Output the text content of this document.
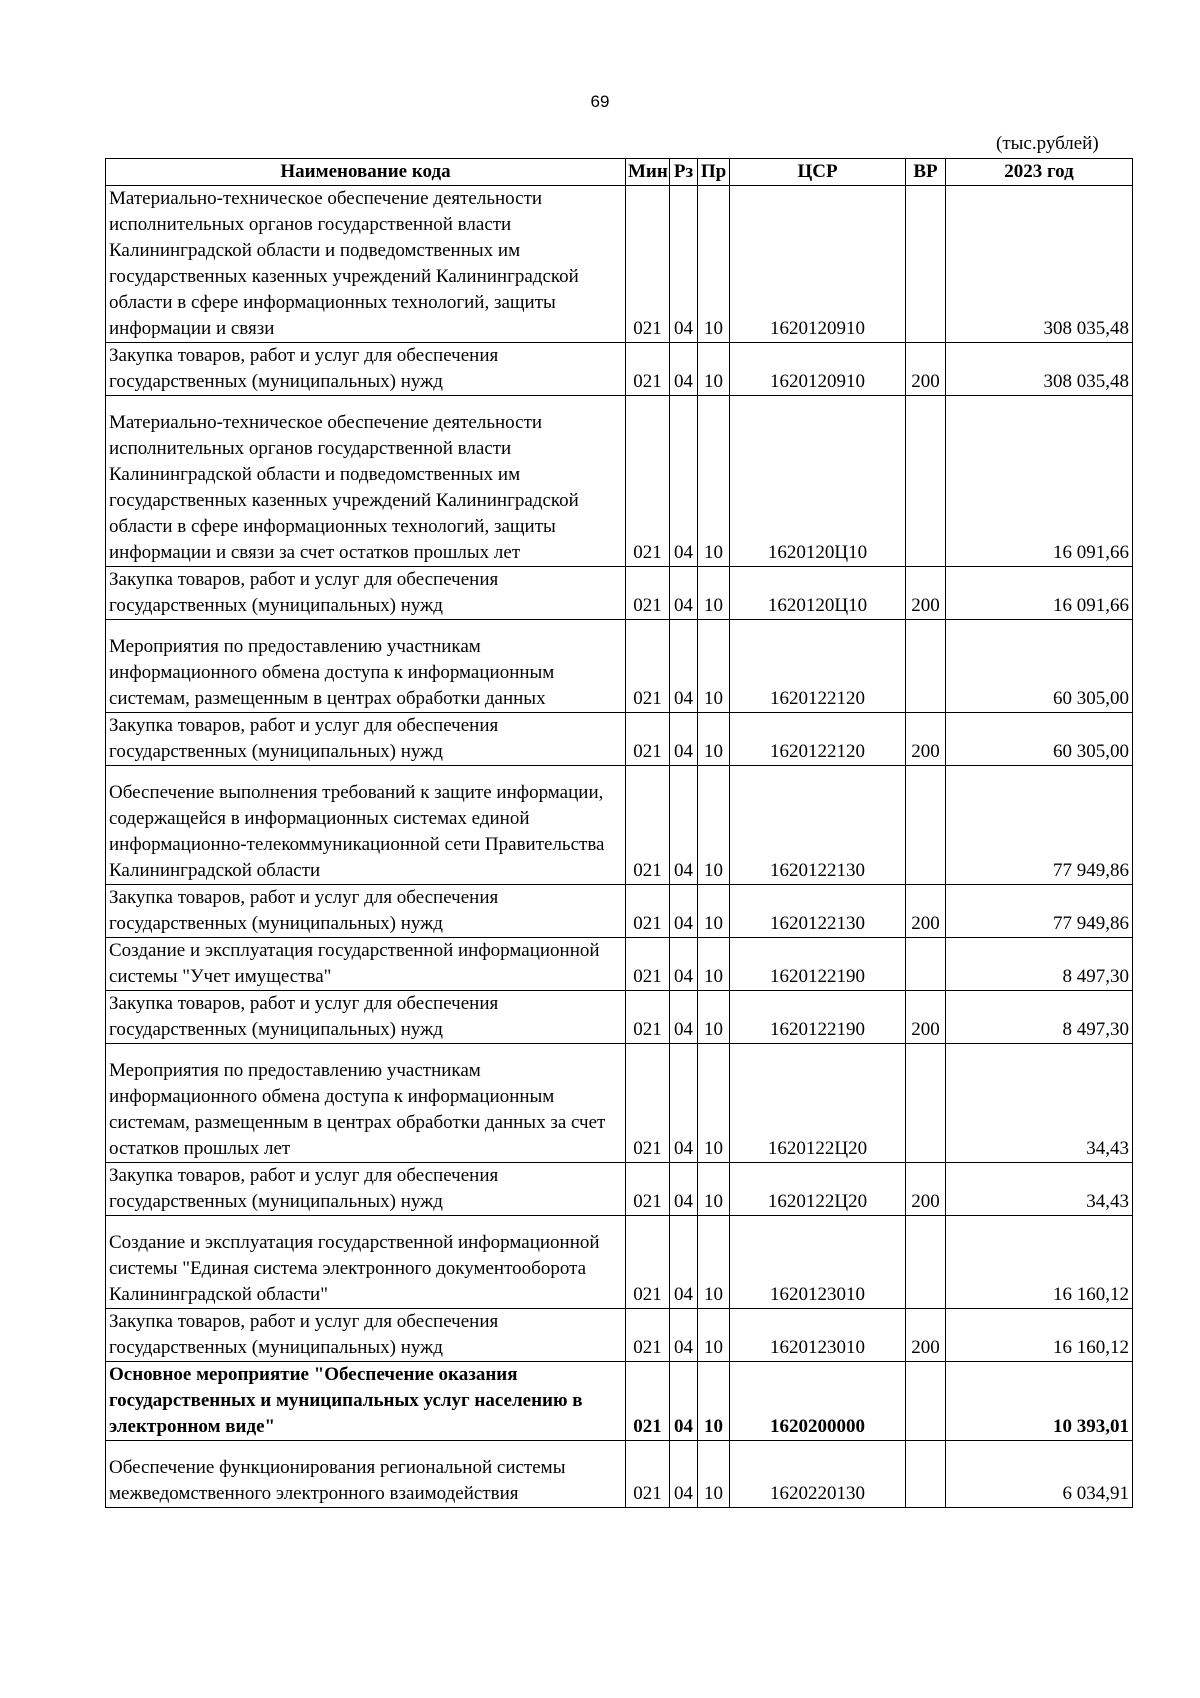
69
(тыс.рублей)
Наименование кода	Мин	Рз	Пр	ЦСР	ВР	2023 год
Материально-техническое обеспечение деятельности исполнительных органов государственной власти Калининградской области и подведомственных им государственных казенных учреждений Калининградской области в сфере информационных технологий, защиты информации и связи	021	04	10	1620120910		308 035,48
Закупка товаров, работ и услуг для обеспечения государственных (муниципальных) нужд	021	04	10	1620120910	200	308 035,48
Материально-техническое обеспечение деятельности исполнительных органов государственной власти Калининградской области и подведомственных им государственных казенных учреждений Калининградской области в сфере информационных технологий, защиты информации и связи за счет остатков прошлых лет	021	04	10	1620120Ц10		16 091,66
Закупка товаров, работ и услуг для обеспечения государственных (муниципальных) нужд	021	04	10	1620120Ц10	200	16 091,66
Мероприятия по предоставлению участникам информационного обмена доступа к информационным системам, размещенным в центрах обработки данных	021	04	10	1620122120		60 305,00
Закупка товаров, работ и услуг для обеспечения государственных (муниципальных) нужд	021	04	10	1620122120	200	60 305,00
Обеспечение выполнения требований к защите информации, содержащейся в информационных системах единой информационно-телекоммуникационной сети Правительства Калининградской области	021	04	10	1620122130		77 949,86
Закупка товаров, работ и услуг для обеспечения государственных (муниципальных) нужд	021	04	10	1620122130	200	77 949,86
Создание и эксплуатация государственной информационной системы "Учет имущества"	021	04	10	1620122190		8 497,30
Закупка товаров, работ и услуг для обеспечения государственных (муниципальных) нужд	021	04	10	1620122190	200	8 497,30
Мероприятия по предоставлению участникам информационного обмена доступа к информационным системам, размещенным в центрах обработки данных за счет остатков прошлых лет	021	04	10	1620122Ц20		34,43
Закупка товаров, работ и услуг для обеспечения государственных (муниципальных) нужд	021	04	10	1620122Ц20	200	34,43
Создание и эксплуатация государственной информационной системы "Единая система электронного документооборота Калининградской области"	021	04	10	1620123010		16 160,12
Закупка товаров, работ и услуг для обеспечения государственных (муниципальных) нужд	021	04	10	1620123010	200	16 160,12
Основное мероприятие "Обеспечение оказания государственных и муниципальных услуг населению в электронном виде"	021	04	10	1620200000		10 393,01
Обеспечение функционирования региональной системы межведомственного электронного взаимодействия	021	04	10	1620220130		6 034,91
